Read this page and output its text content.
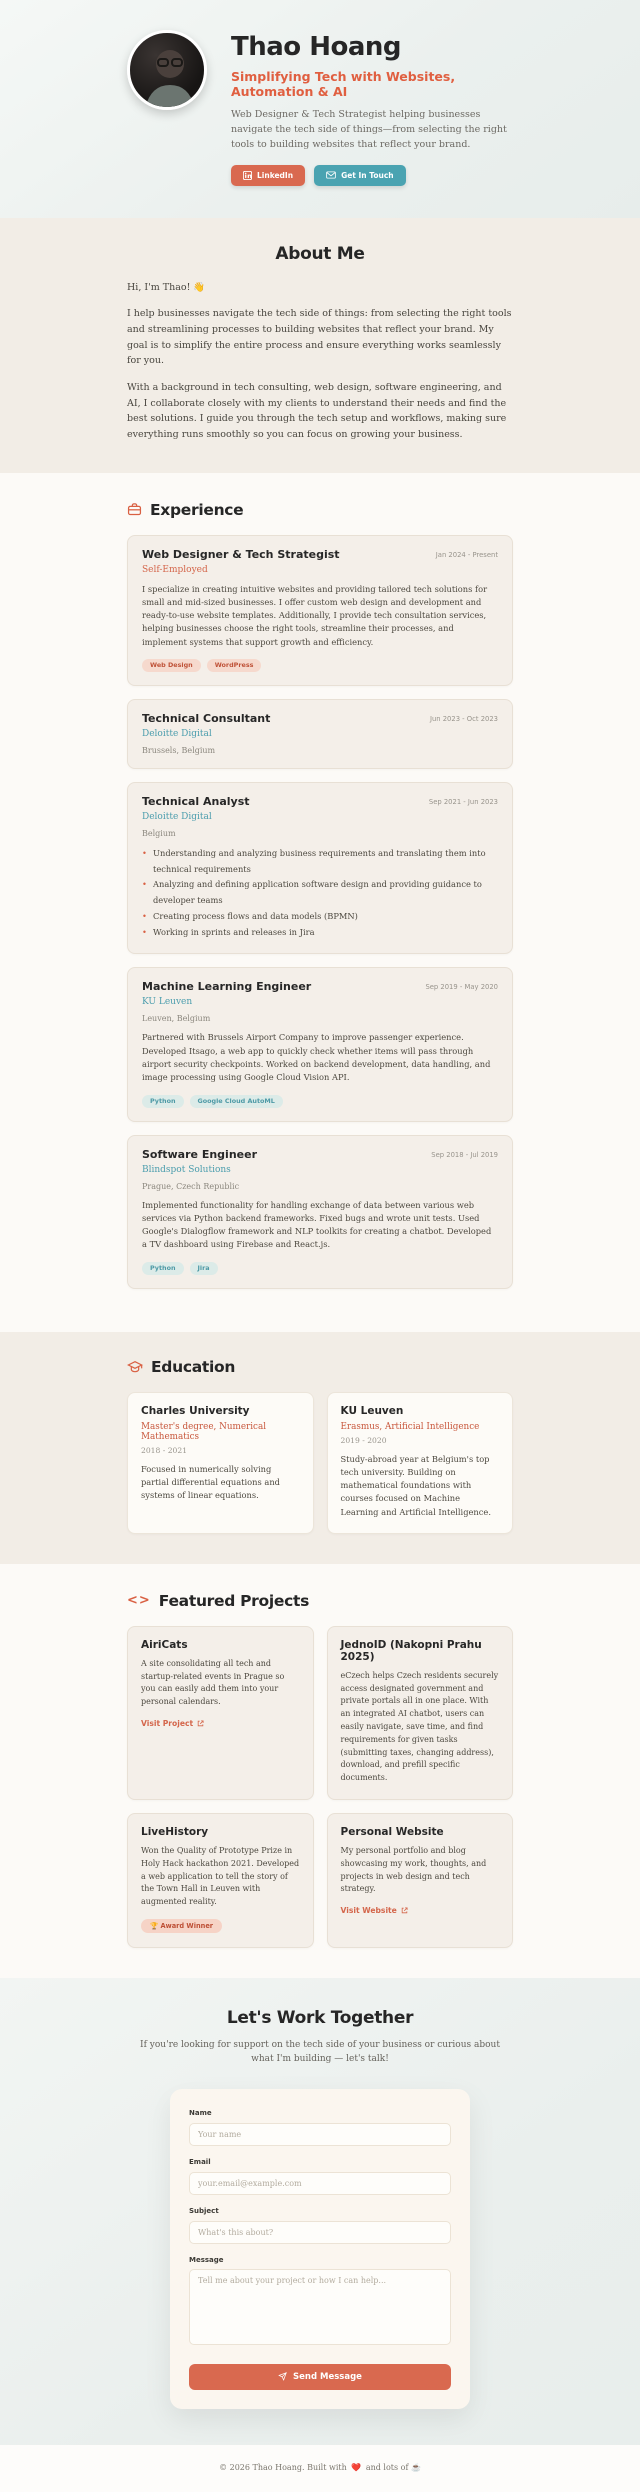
Thao Hoang
Simplifying Tech with Websites, Automation & AI

Web Designer & Tech Strategist helping businesses navigate the tech side of things—from selecting the right tools to building websites that reflect your brand.

LinkedIn	Get In Touch
About Me

Hi, I'm Thao! 👋

I help businesses navigate the tech side of things: from selecting the right tools and streamlining processes to building websites that reflect your brand. My goal is to simplify the entire process and ensure everything works seamlessly for you.

With a background in tech consulting, web design, software engineering, and AI, I collaborate closely with my clients to understand their needs and find the best solutions. I guide you through the tech setup and workflows, making sure everything runs smoothly so you can focus on growing your business.

Experience
Web Designer & Tech Strategist	Jan 2024 - Present
Self-Employed

I specialize in creating intuitive websites and providing tailored tech solutions for small and mid-sized businesses. I offer custom web design and development and ready-to-use website templates. Additionally, I provide tech consultation services, helping businesses choose the right tools, streamline their processes, and implement systems that support growth and efficiency.

Web Design	WordPress
Technical Consultant	Jun 2023 - Oct 2023
Deloitte Digital
Brussels, Belgium
Technical Analyst	Sep 2021 - Jun 2023
Deloitte Digital
Belgium
• Understanding and analyzing business requirements and translating them into technical requirements
• Analyzing and defining application software design and providing guidance to developer teams
• Creating process flows and data models (BPMN)
• Working in sprints and releases in Jira
Machine Learning Engineer	Sep 2019 - May 2020
KU Leuven
Leuven, Belgium

Partnered with Brussels Airport Company to improve passenger experience. Developed Itsago, a web app to quickly check whether items will pass through airport security checkpoints. Worked on backend development, data handling, and image processing using Google Cloud Vision API.

Python	Google Cloud AutoML
Software Engineer	Sep 2018 - Jul 2019
Blindspot Solutions
Prague, Czech Republic

Implemented functionality for handling exchange of data between various web services via Python backend frameworks. Fixed bugs and wrote unit tests. Used Google's Dialogflow framework and NLP toolkits for creating a chatbot. Developed a TV dashboard using Firebase and React.js.

Python	Jira
Education
Charles University
Master's degree, Numerical Mathematics
2018 - 2021

Focused in numerically solving partial differential equations and systems of linear equations.

KU Leuven
Erasmus, Artificial Intelligence
2019 - 2020

Study-abroad year at Belgium's top tech university. Building on mathematical foundations with courses focused on Machine Learning and Artificial Intelligence.

<> Featured Projects
AiriCats

A site consolidating all tech and startup-related events in Prague so you can easily add them into your personal calendars.

Visit Project
JednoID (Nakopni Prahu 2025)

eCzech helps Czech residents securely access designated government and private portals all in one place. With an integrated AI chatbot, users can easily navigate, save time, and find requirements for given tasks (submitting taxes, changing address), download, and prefill specific documents.

LiveHistory

Won the Quality of Prototype Prize in Holy Hack hackathon 2021. Developed a web application to tell the story of the Town Hall in Leuven with augmented reality.

🏆 Award Winner
Personal Website

My personal portfolio and blog showcasing my work, thoughts, and projects in web design and tech strategy.

Visit Website
Let's Work Together

If you're looking for support on the tech side of your business or curious about what I'm building — let's talk!

Name
Your name
Email
your.email@example.com
Subject
What's this about?
Message
Tell me about your project or how I can help...
Send Message
© 2026 Thao Hoang. Built with ❤️ and lots of ☕
